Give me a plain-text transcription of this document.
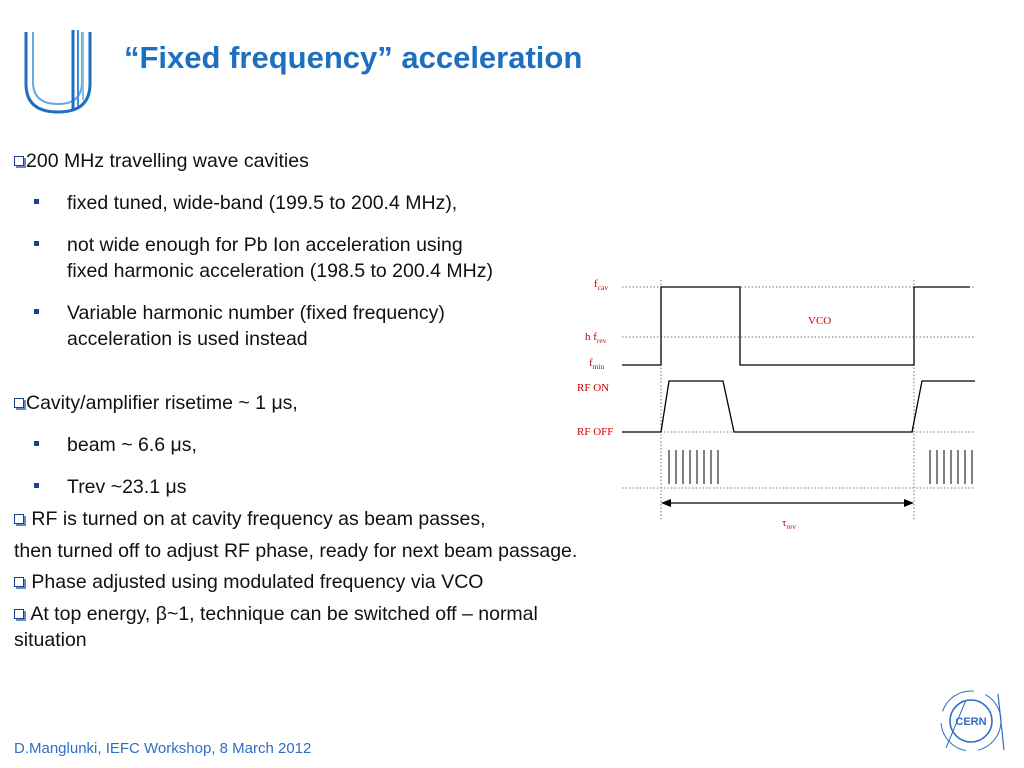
“Fixed frequency” acceleration
200 MHz travelling wave cavities
fixed tuned, wide-band (199.5 to 200.4 MHz),
not wide enough for Pb Ion acceleration using
fixed harmonic acceleration (198.5 to 200.4 MHz)
Variable harmonic number (fixed frequency)
acceleration is used instead
Cavity/amplifier risetime ~ 1 μs,
beam ~ 6.6 μs,
Trev ~23.1 μs
RF is turned on at cavity frequency as beam passes,
then turned off to adjust RF phase, ready for next beam passage.
Phase adjusted using modulated frequency via VCO
At top energy, β~1, technique can be switched off – normal
situation
$f_{cav}$
VCO
h $f_{rev}$
$f_{min}$
RF ON
RF OFF
$\tau_{rev}$
D.Manglunki, IEFC Workshop, 8 March 2012
CERN
